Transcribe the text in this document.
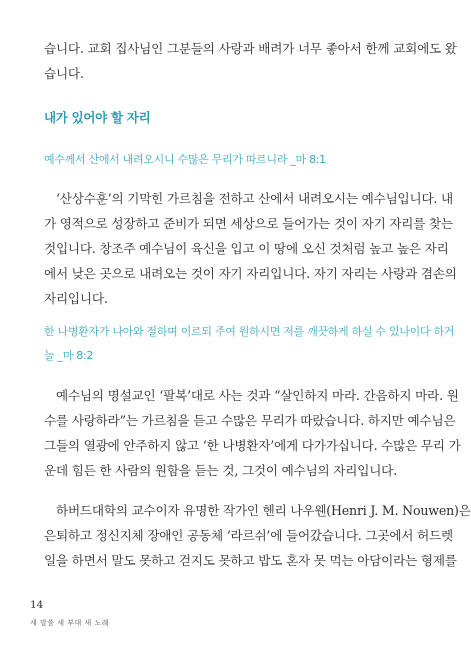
습니다. 교회 집사님인 그분들의 사랑과 배려가 너무 좋아서 한께 교회에도 왔
습니다.
내가 있어야 할 자리
예수께서 산에서 내려오시니 수많은 무리가 따르니라 _마 8:1
‘산상수훈’의 기막힌 가르침을 전하고 산에서 내려오시는 예수님입니다. 내
가 영적으로 성장하고 준비가 되면 세상으로 들어가는 것이 자기 자리를 찾는
것입니다. 창조주 예수님이 육신을 입고 이 땅에 오신 것처럼 높고 높은 자리
에서 낮은 곳으로 내려오는 것이 자기 자리입니다. 자기 자리는 사랑과 겸손의
자리입니다.
한 나병환자가 나아와 절하며 이르되 주여 원하시면 저를 깨끗하게 하실 수 있나이다 하거
늘 _마 8:2
예수님의 명설교인 ‘팔복’대로 사는 것과 “살인하지 마라. 간음하지 마라. 원
수를 사랑하라”는 가르침을 듣고 수많은 무리가 따랐습니다. 하지만 예수님은
그들의 열광에 안주하지 않고 ‘한 나병환자’에게 다가가십니다. 수많은 무리 가
운데 힘든 한 사람의 원함을 듣는 것, 그것이 예수님의 자리입니다.
하버드대학의 교수이자 유명한 작가인 헨리 나우웬(Henri J. M. Nouwen)은
은퇴하고 정신지체 장애인 공동체 ‘라르쉬’에 들어갔습니다. 그곳에서 허드렛
일을 하면서 말도 못하고 걷지도 못하고 밥도 혼자 못 먹는 아담이라는 형제를
14
새 말씀 새 부대 새 노래
